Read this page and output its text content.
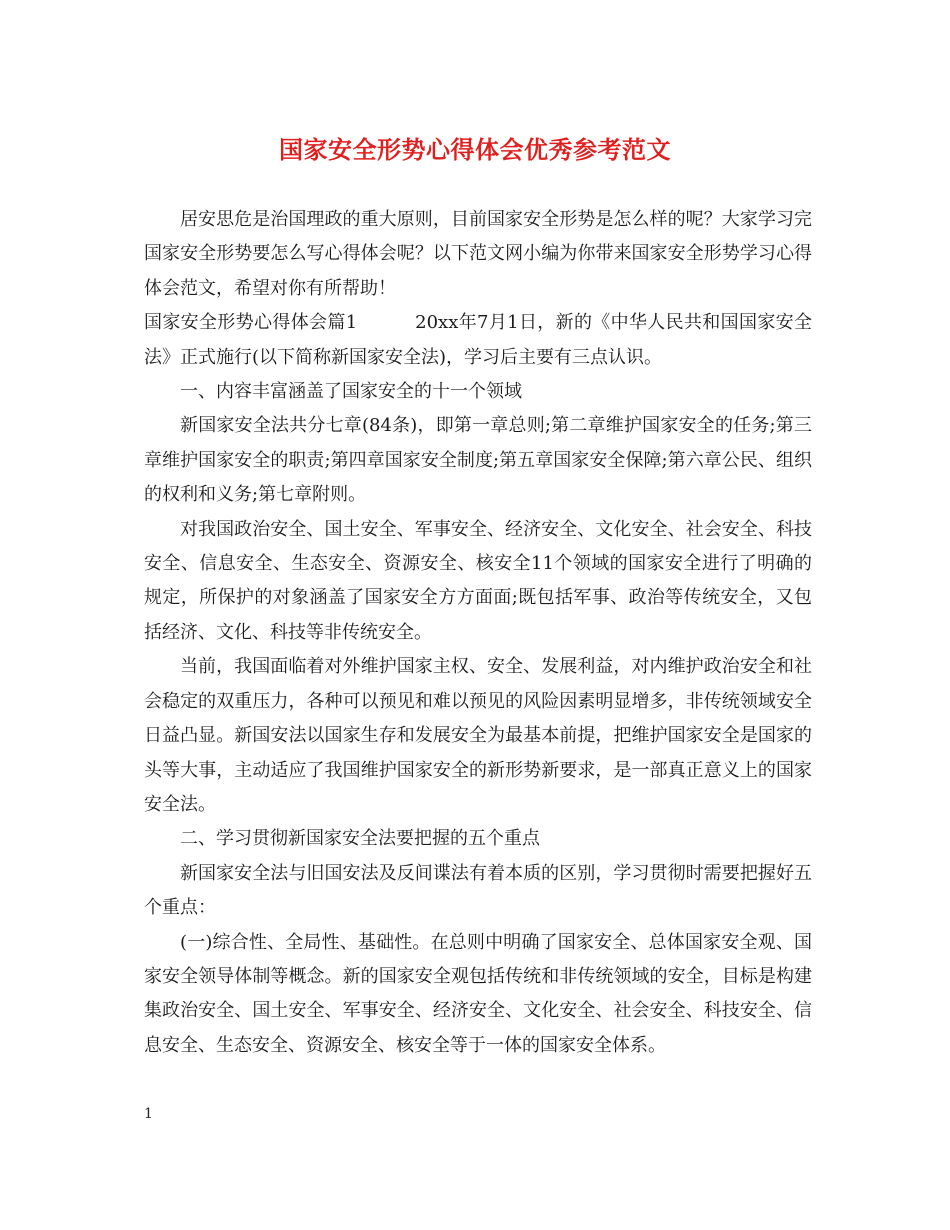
国家安全形势心得体会优秀参考范文

居安思危是治国理政的重大原则，目前国家安全形势是怎么样的呢？大家学习完国家安全形势要怎么写心得体会呢？以下范文网小编为你带来国家安全形势学习心得体会范文，希望对你有所帮助！

国家安全形势心得体会篇1	20xx年7月1日，新的《中华人民共和国国家安全法》正式施行(以下简称新国家安全法)，学习后主要有三点认识。

一、内容丰富涵盖了国家安全的十一个领域

新国家安全法共分七章(84条)，即第一章总则;第二章维护国家安全的任务;第三章维护国家安全的职责;第四章国家安全制度;第五章国家安全保障;第六章公民、组织的权利和义务;第七章附则。

对我国政治安全、国土安全、军事安全、经济安全、文化安全、社会安全、科技安全、信息安全、生态安全、资源安全、核安全11个领域的国家安全进行了明确的规定，所保护的对象涵盖了国家安全方方面面;既包括军事、政治等传统安全，又包括经济、文化、科技等非传统安全。

当前，我国面临着对外维护国家主权、安全、发展利益，对内维护政治安全和社会稳定的双重压力，各种可以预见和难以预见的风险因素明显增多，非传统领域安全日益凸显。新国安法以国家生存和发展安全为最基本前提，把维护国家安全是国家的头等大事，主动适应了我国维护国家安全的新形势新要求，是一部真正意义上的国家安全法。

二、学习贯彻新国家安全法要把握的五个重点

新国家安全法与旧国安法及反间谍法有着本质的区别，学习贯彻时需要把握好五个重点：

(一)综合性、全局性、基础性。在总则中明确了国家安全、总体国家安全观、国家安全领导体制等概念。新的国家安全观包括传统和非传统领域的安全，目标是构建集政治安全、国土安全、军事安全、经济安全、文化安全、社会安全、科技安全、信息安全、生态安全、资源安全、核安全等于一体的国家安全体系。

1
